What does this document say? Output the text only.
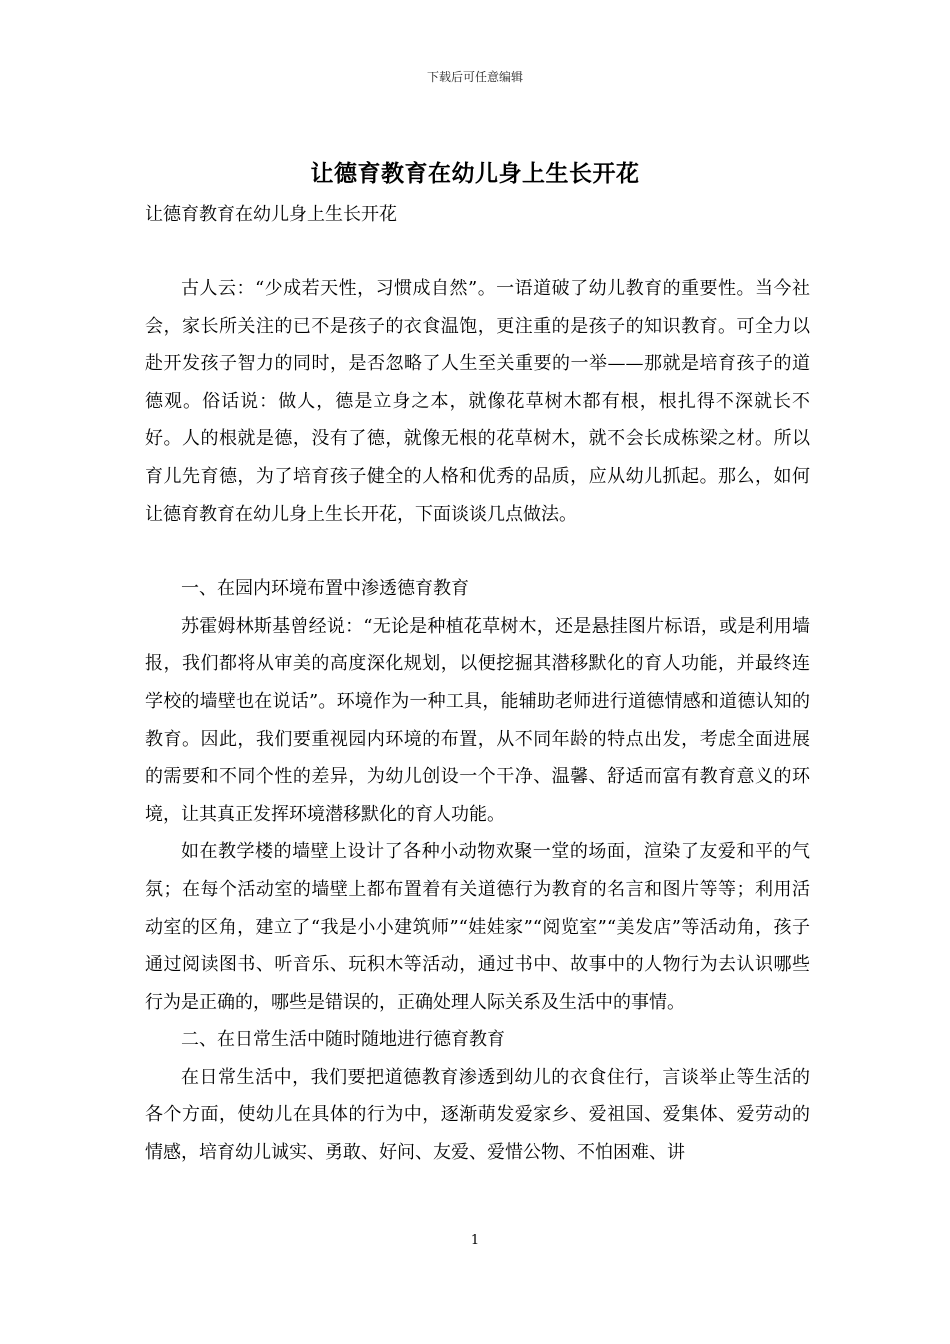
下载后可任意编辑
让德育教育在幼儿身上生长开花
让德育教育在幼儿身上生长开花

古人云：“少成若天性，习惯成自然”。一语道破了幼儿教育的重要性。当今社会，家长所关注的已不是孩子的衣食温饱，更注重的是孩子的知识教育。可全力以赴开发孩子智力的同时，是否忽略了人生至关重要的一举——那就是培育孩子的道德观。俗话说：做人，德是立身之本，就像花草树木都有根，根扎得不深就长不好。人的根就是德，没有了德，就像无根的花草树木，就不会长成栋梁之材。所以育儿先育德，为了培育孩子健全的人格和优秀的品质，应从幼儿抓起。那么，如何让德育教育在幼儿身上生长开花，下面谈谈几点做法。

一、在园内环境布置中渗透德育教育

苏霍姆林斯基曾经说：“无论是种植花草树木，还是悬挂图片标语，或是利用墙报，我们都将从审美的高度深化规划，以便挖掘其潜移默化的育人功能，并最终连学校的墙壁也在说话”。环境作为一种工具，能辅助老师进行道德情感和道德认知的教育。因此，我们要重视园内环境的布置，从不同年龄的特点出发，考虑全面进展的需要和不同个性的差异，为幼儿创设一个干净、温馨、舒适而富有教育意义的环境，让其真正发挥环境潜移默化的育人功能。

如在教学楼的墙壁上设计了各种小动物欢聚一堂的场面，渲染了友爱和平的气氛；在每个活动室的墙壁上都布置着有关道德行为教育的名言和图片等等；利用活动室的区角，建立了“我是小小建筑师”“娃娃家”“阅览室”“美发店”等活动角，孩子通过阅读图书、听音乐、玩积木等活动，通过书中、故事中的人物行为去认识哪些行为是正确的，哪些是错误的，正确处理人际关系及生活中的事情。

二、在日常生活中随时随地进行德育教育

在日常生活中，我们要把道德教育渗透到幼儿的衣食住行，言谈举止等生活的各个方面，使幼儿在具体的行为中，逐渐萌发爱家乡、爱祖国、爱集体、爱劳动的情感，培育幼儿诚实、勇敢、好问、友爱、爱惜公物、不怕困难、讲

1
